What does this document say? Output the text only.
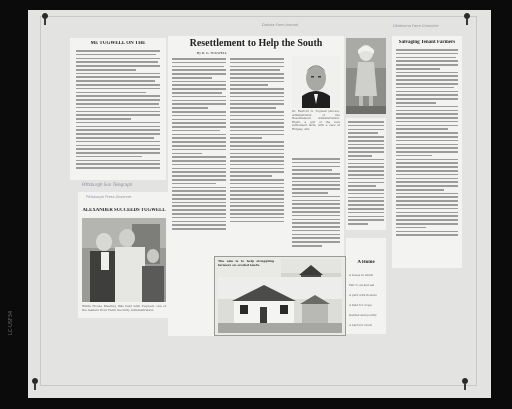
Mr. TUGWELL ON THE
Pittsburgh Sun Telegraph
Pittsburgh Press Observer
ALEXANDER SUCCEEDS TUGWELL
White House Meeting Was held with Tugwell, one of the leaders from Farm Security Administration
Resettlement to Help the South
By R. G. TUGWELL
Dr. Rexford G. Tugwell (Above), Administrator of the Resettlement Administration. Right, a girl of the new settlement farm, with a view at Ridgley, Ark.
The aim is to help struggling farmers on eroded lands.
Dakota Farm Journal
A Home
A house in which
Fair to sit and eat
A yard with flowers
A field for crops
Garden and poultry
A barn for stock
Salvaging Tenant Farmers
Oklahoma Farm Chronicle
LC-USF34
